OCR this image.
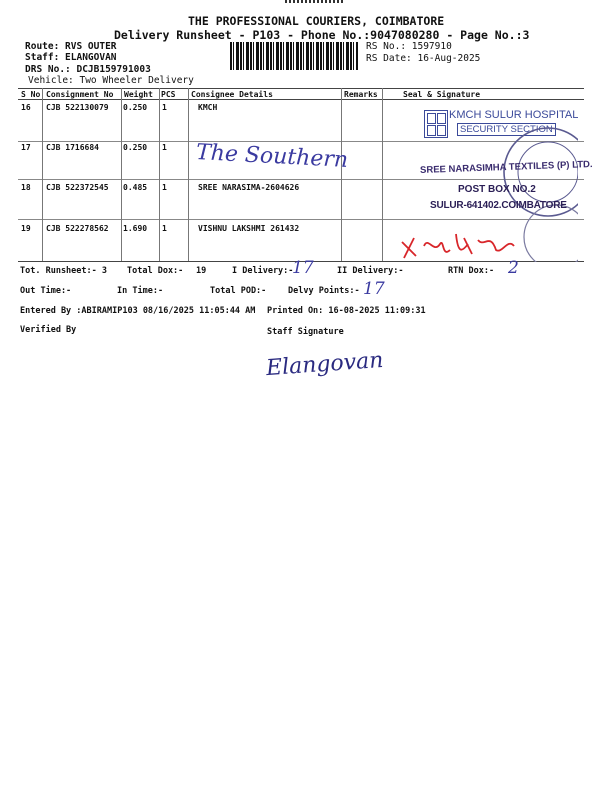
THE PROFESSIONAL COURIERS, COIMBATORE
Delivery Runsheet - P103 - Phone No.:9047080280 - Page No.:3
Route: RVS OUTER
Staff: ELANGOVAN
DRS No.: DCJB159791003
Vehicle: Two Wheeler Delivery
RS No.: 1597910
RS Date: 16-Aug-2025
S No Consignment No Weight PCS Consignee Details	Remarks	Seal & Signature
16 CJB 522130079 0.250 1	KMCH
17 CJB 1716684	0.250 1
18 CJB 522372545 0.485 1	SREE NARASIMA-2604626
19 CJB 522278562 1.690 1	VISHNU LAKSHMI 261432
The Southern
KMCH SULUR HOSPITAL
SECURITY SECTION
SREE NARASIMHA TEXTILES (P) LTD.
POST BOX NO.2
SULUR-641402.COIMBATORE
Tot. Runsheet:- 3 Total Dox:- 19	I Delivery:-
17	II Delivery:-	RTN Dox:- 2
Out Time:-	In Time:-	Total POD:-	Delvy Points:- 17
Entered By :ABIRAMIP103 08/16/2025 11:05:44 AM Printed On: 16-08-2025 11:09:31
Verified By	Staff Signature
Elangovan
